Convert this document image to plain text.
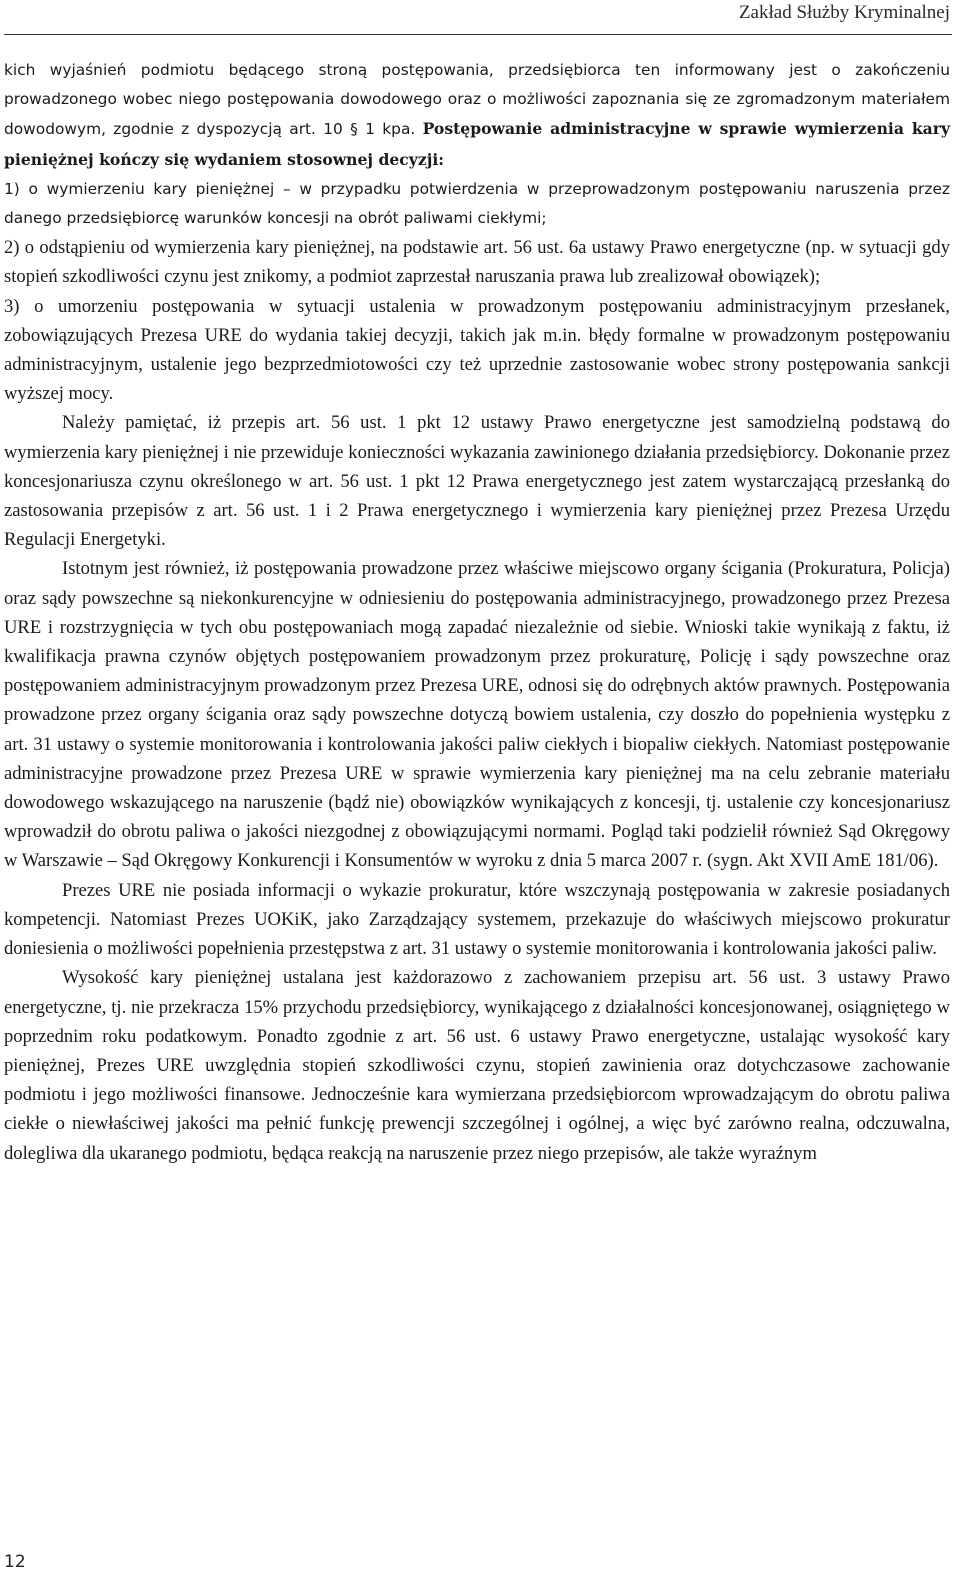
Zakład Służby Kryminalnej

kich wyjaśnień podmiotu będącego stroną postępowania, przedsiębiorca ten informowany jest o zakończeniu prowadzonego wobec niego postępowania dowodowego oraz o możliwości zapoznania się ze zgromadzonym materiałem dowodowym, zgodnie z dyspozycją art. 10 § 1 kpa. Postępowanie administracyjne w sprawie wymierzenia kary pieniężnej kończy się wydaniem stosownej decyzji:

1) o wymierzeniu kary pieniężnej – w przypadku potwierdzenia w przeprowadzonym postępowaniu naruszenia przez danego przedsiębiorcę warunków koncesji na obrót paliwami ciekłymi;

2) o odstąpieniu od wymierzenia kary pieniężnej, na podstawie art. 56 ust. 6a ustawy Prawo energetyczne (np. w sytuacji gdy stopień szkodliwości czynu jest znikomy, a podmiot zaprzestał naruszania prawa lub zrealizował obowiązek);

3) o umorzeniu postępowania w sytuacji ustalenia w prowadzonym postępowaniu administracyjnym przesłanek, zobowiązujących Prezesa URE do wydania takiej decyzji, takich jak m.in. błędy formalne w prowadzonym postępowaniu administracyjnym, ustalenie jego bezprzedmiotowości czy też uprzednie zastosowanie wobec strony postępowania sankcji wyższej mocy.

Należy pamiętać, iż przepis art. 56 ust. 1 pkt 12 ustawy Prawo energetyczne jest samodzielną podstawą do wymierzenia kary pieniężnej i nie przewiduje konieczności wykazania zawinionego działania przedsiębiorcy. Dokonanie przez koncesjonariusza czynu określonego w art. 56 ust. 1 pkt 12 Prawa energetycznego jest zatem wystarczającą przesłanką do zastosowania przepisów z art. 56 ust. 1 i 2 Prawa energetycznego i wymierzenia kary pieniężnej przez Prezesa Urzędu Regulacji Energetyki.

Istotnym jest również, iż postępowania prowadzone przez właściwe miejscowo organy ścigania (Prokuratura, Policja) oraz sądy powszechne są niekonkurencyjne w odniesieniu do postępowania administracyjnego, prowadzonego przez Prezesa URE i rozstrzygnięcia w tych obu postępowaniach mogą zapadać niezależnie od siebie. Wnioski takie wynikają z faktu, iż kwalifikacja prawna czynów objętych postępowaniem prowadzonym przez prokuraturę, Policję i sądy powszechne oraz postępowaniem administracyjnym prowadzonym przez Prezesa URE, odnosi się do odrębnych aktów prawnych. Postępowania prowadzone przez organy ścigania oraz sądy powszechne dotyczą bowiem ustalenia, czy doszło do popełnienia występku z art. 31 ustawy o systemie monitorowania i kontrolowania jakości paliw ciekłych i biopaliw ciekłych. Natomiast postępowanie administracyjne prowadzone przez Prezesa URE w sprawie wymierzenia kary pieniężnej ma na celu zebranie materiału dowodowego wskazującego na naruszenie (bądź nie) obowiązków wynikających z koncesji, tj. ustalenie czy koncesjonariusz wprowadził do obrotu paliwa o jakości niezgodnej z obowiązującymi normami. Pogląd taki podzielił również Sąd Okręgowy w Warszawie – Sąd Okręgowy Konkurencji i Konsumentów w wyroku z dnia 5 marca 2007 r. (sygn. Akt XVII AmE 181/06).

Prezes URE nie posiada informacji o wykazie prokuratur, które wszczynają postępowania w zakresie posiadanych kompetencji. Natomiast Prezes UOKiK, jako Zarządzający systemem, przekazuje do właściwych miejscowo prokuratur doniesienia o możliwości popełnienia przestępstwa z art. 31 ustawy o systemie monitorowania i kontrolowania jakości paliw.

Wysokość kary pieniężnej ustalana jest każdorazowo z zachowaniem przepisu art. 56 ust. 3 ustawy Prawo energetyczne, tj. nie przekracza 15% przychodu przedsiębiorcy, wynikającego z działalności koncesjonowanej, osiągniętego w poprzednim roku podatkowym. Ponadto zgodnie z art. 56 ust. 6 ustawy Prawo energetyczne, ustalając wysokość kary pieniężnej, Prezes URE uwzględnia stopień szkodliwości czynu, stopień zawinienia oraz dotychczasowe zachowanie podmiotu i jego możliwości finansowe. Jednocześnie kara wymierzana przedsiębiorcom wprowadzającym do obrotu paliwa ciekłe o niewłaściwej jakości ma pełnić funkcję prewencji szczególnej i ogólnej, a więc być zarówno realna, odczuwalna, dolegliwa dla ukaranego podmiotu, będąca reakcją na naruszenie przez niego przepisów, ale także wyraźnym

12
